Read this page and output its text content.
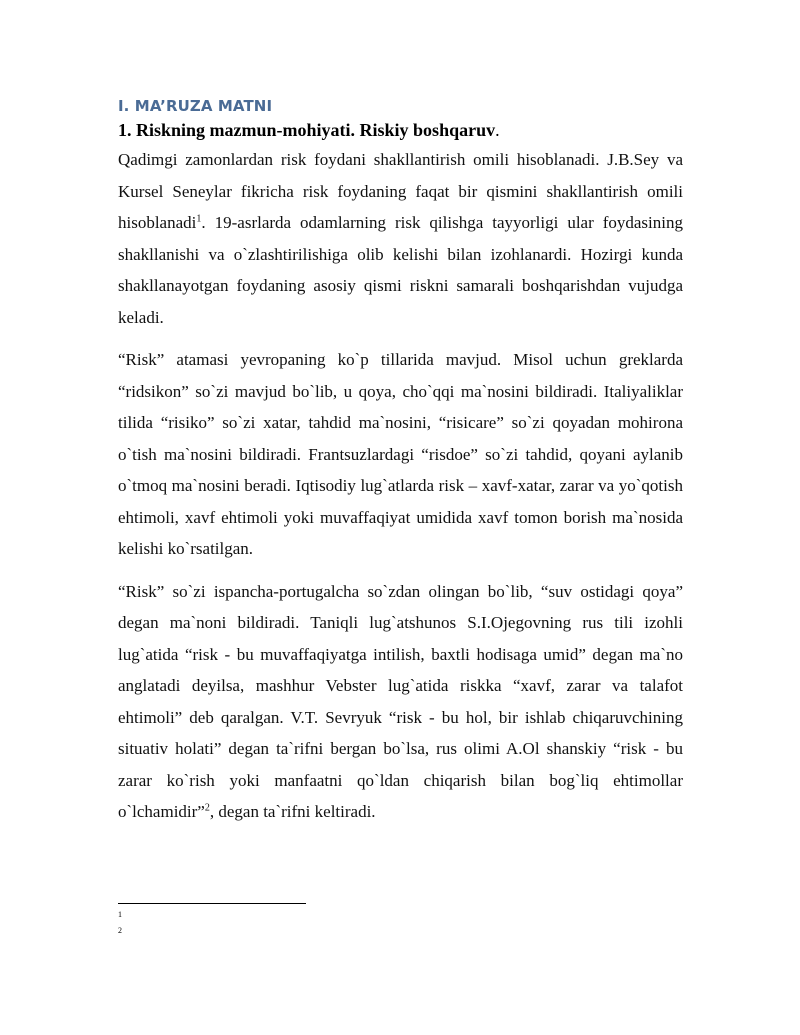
I. MA’RUZA MATNI
1. Riskning mazmun-mohiyati. Riskiy boshqaruv.

Qadimgi zamonlardan risk foydani shakllantirish omili hisoblanadi. J.B.Sey va Kursel Seneylar fikricha risk foydaning faqat bir qismini shakllantirish omili hisoblanadi$^1$. 19-asrlarda odamlarning risk qilishga tayyorligi ular foydasining shakllanishi va o`zlashtirilishiga olib kelishi bilan izohlanardi. Hozirgi kunda shakllanayotgan foydaning asosiy qismi riskni samarali boshqarishdan vujudga keladi.

“Risk” atamasi yevropaning ko`p tillarida mavjud. Misol uchun greklarda “ridsikon” so`zi mavjud bo`lib, u qoya, cho`qqi ma`nosini bildiradi. Italiyaliklar tilida “risiko” so`zi xatar, tahdid ma`nosini, “risicare” so`zi qoyadan mohirona o`tish ma`nosini bildiradi. Frantsuzlardagi “risdoe” so`zi tahdid, qoyani aylanib o`tmoq ma`nosini beradi. Iqtisodiy lug`atlarda risk – xavf-xatar, zarar va yo`qotish ehtimoli, xavf ehtimoli yoki muvaffaqiyat umidida xavf tomon borish ma`nosida kelishi ko`rsatilgan.

“Risk” so`zi ispancha-portugalcha so`zdan olingan bo`lib, “suv ostidagi qoya” degan ma`noni bildiradi. Taniqli lug`atshunos S.I.Ojegovning rus tili izohli lug`atida “risk - bu muvaffaqiyatga intilish, baxtli hodisaga umid” degan ma`no anglatadi deyilsa, mashhur Vebster lug`atida riskka “xavf, zarar va talafot ehtimoli” deb qaralgan. V.T. Sevryuk “risk - bu hol, bir ishlab chiqaruvchining situativ holati” degan ta`rifni bergan bo`lsa, rus olimi A.Ol shanskiy “risk - bu zarar ko`rish yoki manfaatni qo`ldan chiqarish bilan bog`liq ehtimollar o`lchamidir”$^2$, degan ta`rifni keltiradi.

1
2
